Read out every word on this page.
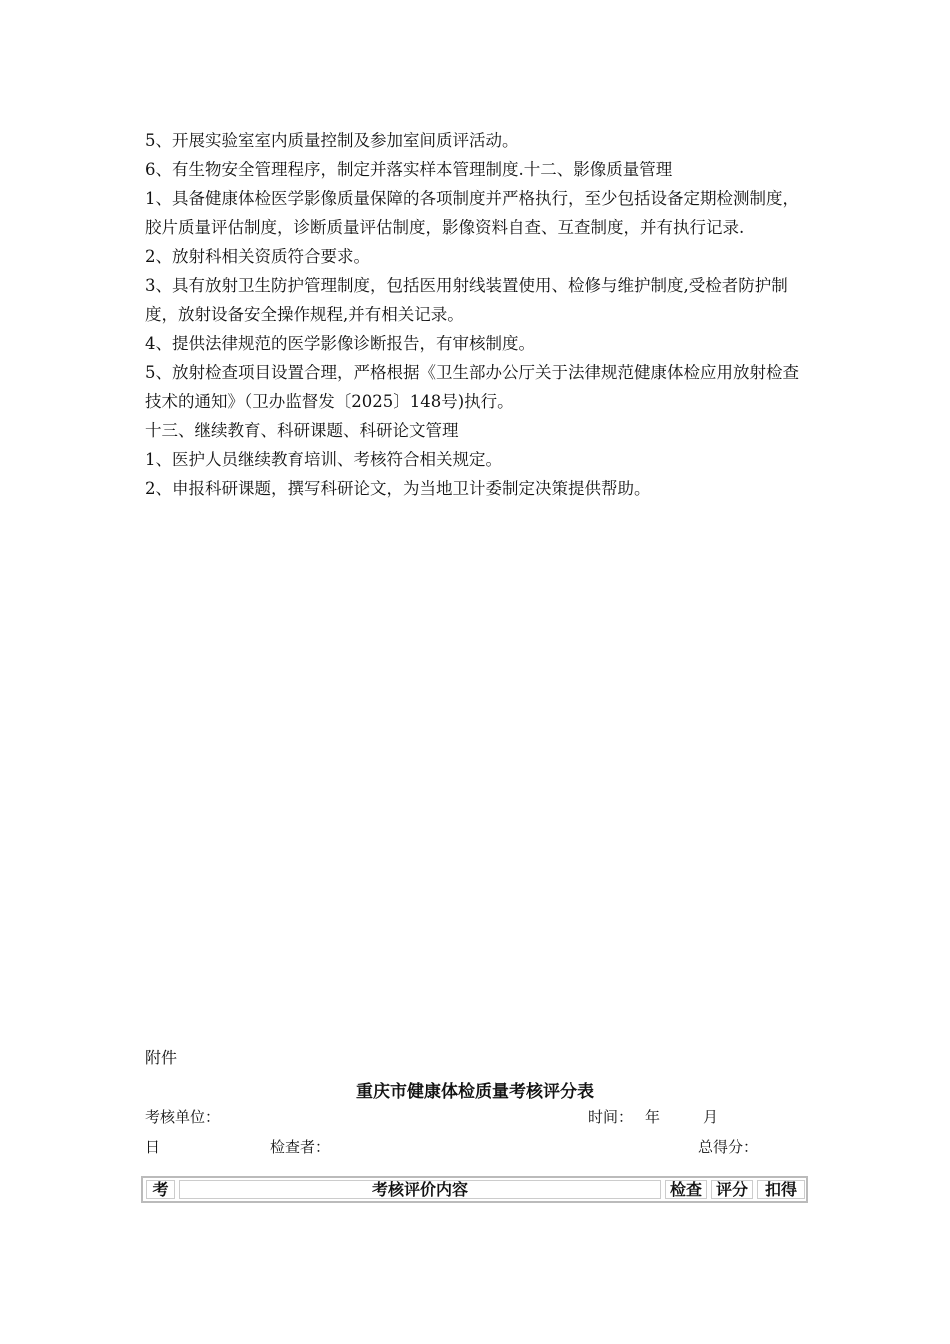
5、开展实验室室内质量控制及参加室间质评活动。

6、有生物安全管理程序，制定并落实样本管理制度.十二、影像质量管理

1、具备健康体检医学影像质量保障的各项制度并严格执行，至少包括设备定期检测制度，胶片质量评估制度，诊断质量评估制度，影像资料自查、互查制度，并有执行记录.

2、放射科相关资质符合要求。

3、具有放射卫生防护管理制度，包括医用射线装置使用、检修与维护制度,受检者防护制度，放射设备安全操作规程,并有相关记录。

4、提供法律规范的医学影像诊断报告，有审核制度。

5、放射检查项目设置合理，严格根据《卫生部办公厅关于法律规范健康体检应用放射检查技术的通知》（卫办监督发〔2025〕148号)执行。

十三、继续教育、科研课题、科研论文管理

1、医护人员继续教育培训、考核符合相关规定。

2、申报科研课题，撰写科研论文，为当地卫计委制定决策提供帮助。

附件
重庆市健康体检质量考核评分表
考核单位：	时间： 年	月
日	检查者：	总得分：
考	考核评价内容	检查 评分	扣得
